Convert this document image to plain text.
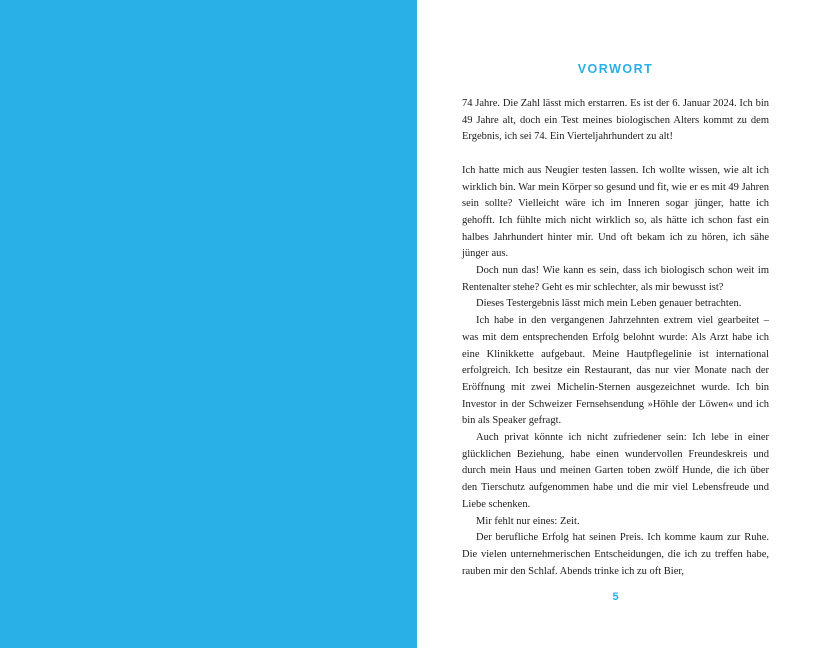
VORWORT

74 Jahre. Die Zahl lässt mich erstarren. Es ist der 6. Januar 2024. Ich bin 49 Jahre alt, doch ein Test meines biologischen Alters kommt zu dem Ergebnis, ich sei 74. Ein Vierteljahrhundert zu alt!

Ich hatte mich aus Neugier testen lassen. Ich wollte wissen, wie alt ich wirklich bin. War mein Körper so gesund und fit, wie er es mit 49 Jahren sein sollte? Vielleicht wäre ich im Inneren sogar jünger, hatte ich gehofft. Ich fühlte mich nicht wirklich so, als hätte ich schon fast ein halbes Jahrhundert hinter mir. Und oft bekam ich zu hören, ich sähe jünger aus.

Doch nun das! Wie kann es sein, dass ich biologisch schon weit im Rentenalter stehe? Geht es mir schlechter, als mir bewusst ist?

Dieses Testergebnis lässt mich mein Leben genauer betrachten.

Ich habe in den vergangenen Jahrzehnten extrem viel gearbeitet – was mit dem entsprechenden Erfolg belohnt wurde: Als Arzt habe ich eine Klinikkette aufgebaut. Meine Hautpflegelinie ist international erfolgreich. Ich besitze ein Restaurant, das nur vier Monate nach der Eröffnung mit zwei Michelin-Sternen ausgezeichnet wurde. Ich bin Investor in der Schweizer Fernsehsendung »Höhle der Löwen« und ich bin als Speaker gefragt.

Auch privat könnte ich nicht zufriedener sein: Ich lebe in einer glücklichen Beziehung, habe einen wundervollen Freundeskreis und durch mein Haus und meinen Garten toben zwölf Hunde, die ich über den Tierschutz aufgenommen habe und die mir viel Lebensfreude und Liebe schenken.

Mir fehlt nur eines: Zeit.

Der berufliche Erfolg hat seinen Preis. Ich komme kaum zur Ruhe. Die vielen unternehmerischen Entscheidungen, die ich zu treffen habe, rauben mir den Schlaf. Abends trinke ich zu oft Bier,

5
